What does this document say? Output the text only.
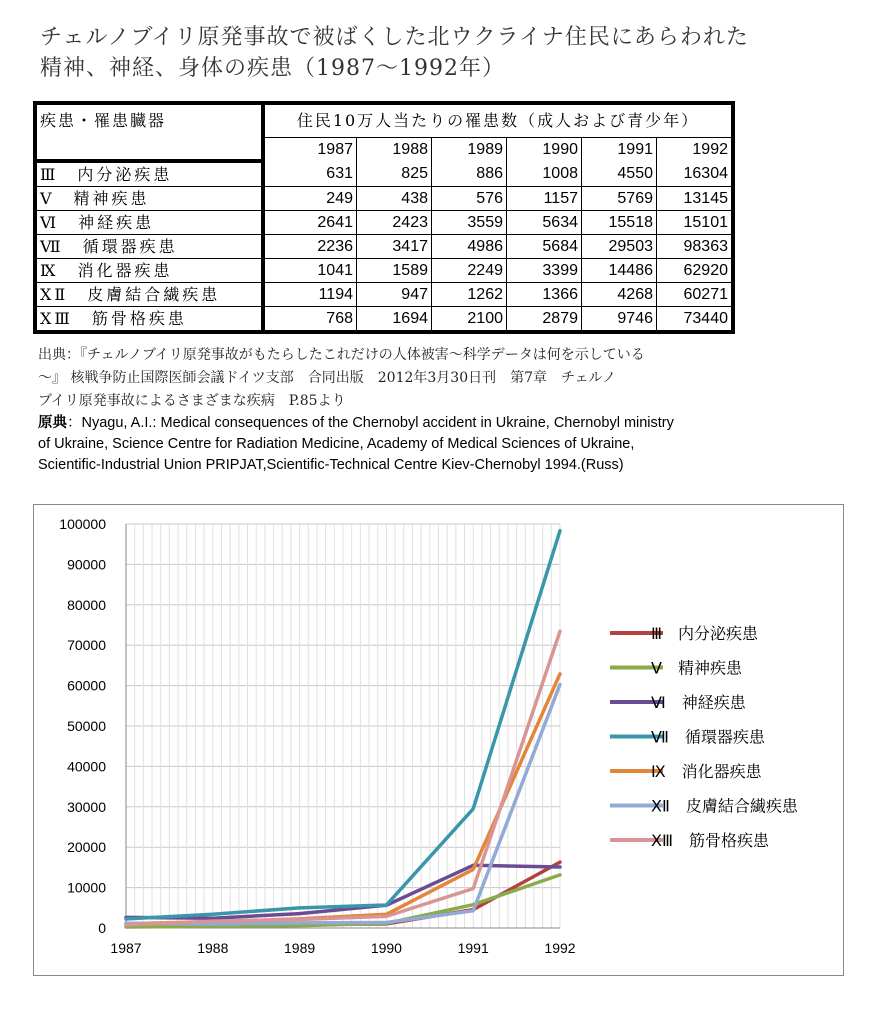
チェルノブイリ原発事故で被ばくした北ウクライナ住民にあらわれた
精神、神経、身体の疾患（1987〜1992年）
疾患・罹患臓器	住民10万人当たりの罹患数（成人および青少年）					
	1987	1988	1989	1990	1991	1992
Ⅲ　内分泌疾患	631	825	886	1008	4550	16304
Ⅴ　精神疾患	249	438	576	1157	5769	13145
Ⅵ　神経疾患	2641	2423	3559	5634	15518	15101
Ⅶ　循環器疾患	2236	3417	4986	5684	29503	98363
Ⅸ　消化器疾患	1041	1589	2249	3399	14486	62920
ⅩⅡ　皮膚結合繊疾患	1194	947	1262	1366	4268	60271
ⅩⅢ　筋骨格疾患	768	1694	2100	2879	9746	73440
出典：『チェルノブイリ原発事故がもたらしたこれだけの人体被害〜科学データは何を示している
〜』 核戦争防止国際医師会議ドイツ支部　合同出版　2012年3月30日刊　第7章　チェルノ
ブイリ原発事故によるさまざまな疾病　P.85より
原典：Nyagu, A.I.: Medical consequences of the Chernobyl accident in Ukraine, Chernobyl ministry
of Ukraine, Science Centre for Radiation Medicine, Academy of Medical Sciences of Ukraine,
Scientific-Industrial Union PRIPJAT,Scientific-Technical Centre Kiev-Chernobyl 1994.(Russ)
0
10000
20000
30000
40000
50000
60000
70000
80000
90000
100000
1987	1988	1989	1990	1991	1992
Ⅲ　内分泌疾患
Ⅴ　精神疾患
Ⅵ　神経疾患
Ⅶ　循環器疾患
Ⅸ　消化器疾患
ⅩⅡ　皮膚結合繊疾患
ⅩⅢ　筋骨格疾患
